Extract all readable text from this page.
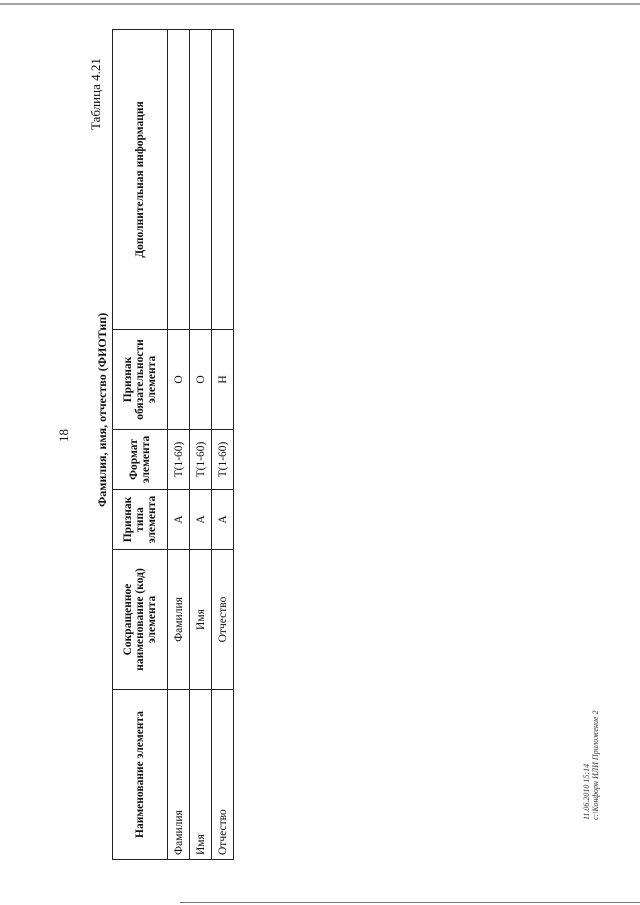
Таблица 4.21
18 Фамилия, имя, отчество (ФИОТип)
Наименование элемента	Сокращенное наименование (код) элемента	Признак типа элемента	Формат элемента	Признак обязательности элемента	Дополнительная информация
Фамилия	Фамилия	А	T(1-60)	О	
Имя	Имя	А	T(1-60)	О	
Отчество	Отчество	А	T(1-60)	Н	
11.06.2010 15:14 c:\Конфорн ИЛИ Приложение 2
